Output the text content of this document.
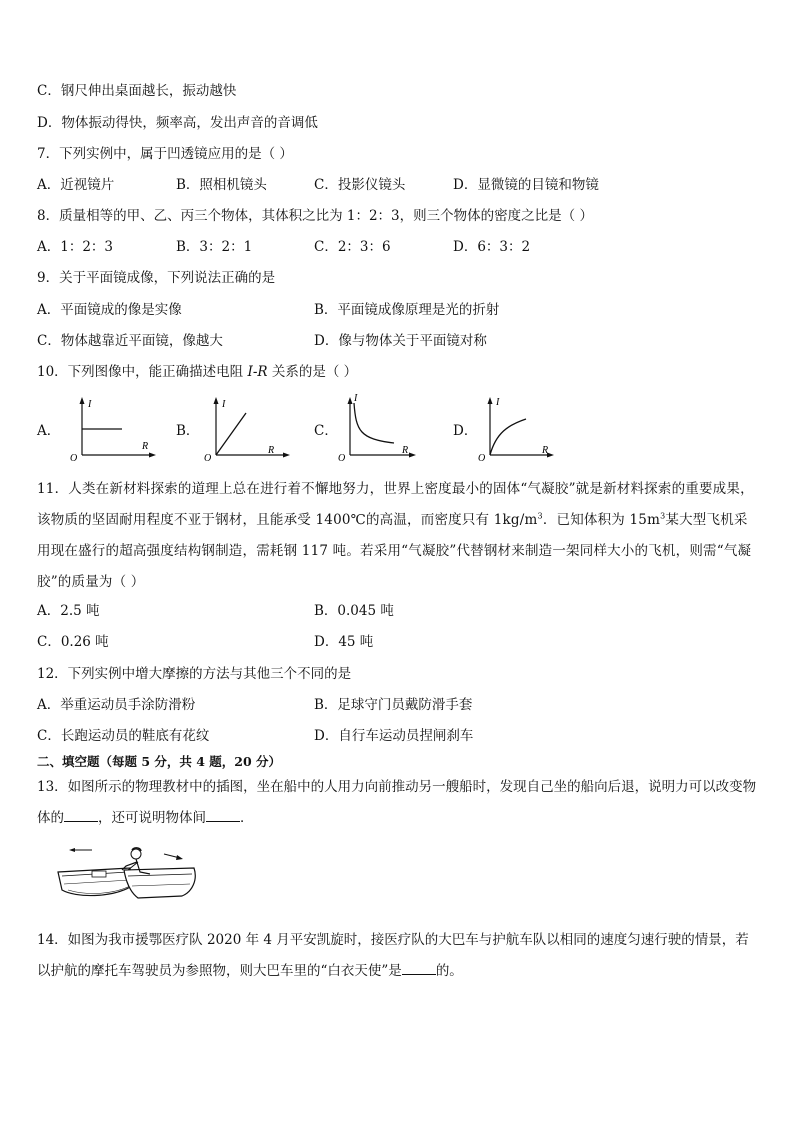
C．钢尺伸出桌面越长，振动越快
D．物体振动得快，频率高，发出声音的音调低
7．下列实例中，属于凹透镜应用的是（ ）
A．近视镜片	B．照相机镜头	C．投影仪镜头	D．显微镜的目镜和物镜
8．质量相等的甲、乙、丙三个物体，其体积之比为 1：2：3，则三个物体的密度之比是（ ）
A．1：2：3	B．3：2：1	C．2：3：6	D．6：3：2
9．关于平面镜成像，下列说法正确的是
A．平面镜成的像是实像	B．平面镜成像原理是光的折射
C．物体越靠近平面镜，像越大	D．像与物体关于平面镜对称
10．下列图像中，能正确描述电阻 I-R 关系的是（ ）
A．	B．	C．	D．
I
R
O
I
R
O
I
R
O
I
R
O
11．人类在新材料探索的道理上总在进行着不懈地努力，世界上密度最小的固体“气凝胶”就是新材料探索的重要成果，该物质的坚固耐用程度不亚于钢材，且能承受 1400℃的高温，而密度只有 $1kg/m^3$．已知体积为 $15m^3$某大型飞机采用现在盛行的超高强度结构钢制造，需耗钢 117 吨。若采用“气凝胶”代替钢材来制造一架同样大小的飞机，则需“气凝胶”的质量为（ ）
A．2.5 吨	B．0.045 吨
C．0.26 吨	D．45 吨
12．下列实例中增大摩擦的方法与其他三个不同的是
A．举重运动员手涂防滑粉	B．足球守门员戴防滑手套
C．长跑运动员的鞋底有花纹	D．自行车运动员捏闸刹车
二、填空题（每题 5 分，共 4 题，20 分）
13．如图所示的物理教材中的插图，坐在船中的人用力向前推动另一艘船时，发现自己坐的船向后退，说明力可以改变物体的	，还可说明物体间	．
14．如图为我市援鄂医疗队 2020 年 4 月平安凯旋时，接医疗队的大巴车与护航车队以相同的速度匀速行驶的情景，若以护航的摩托车驾驶员为参照物，则大巴车里的“白衣天使”是	的。
